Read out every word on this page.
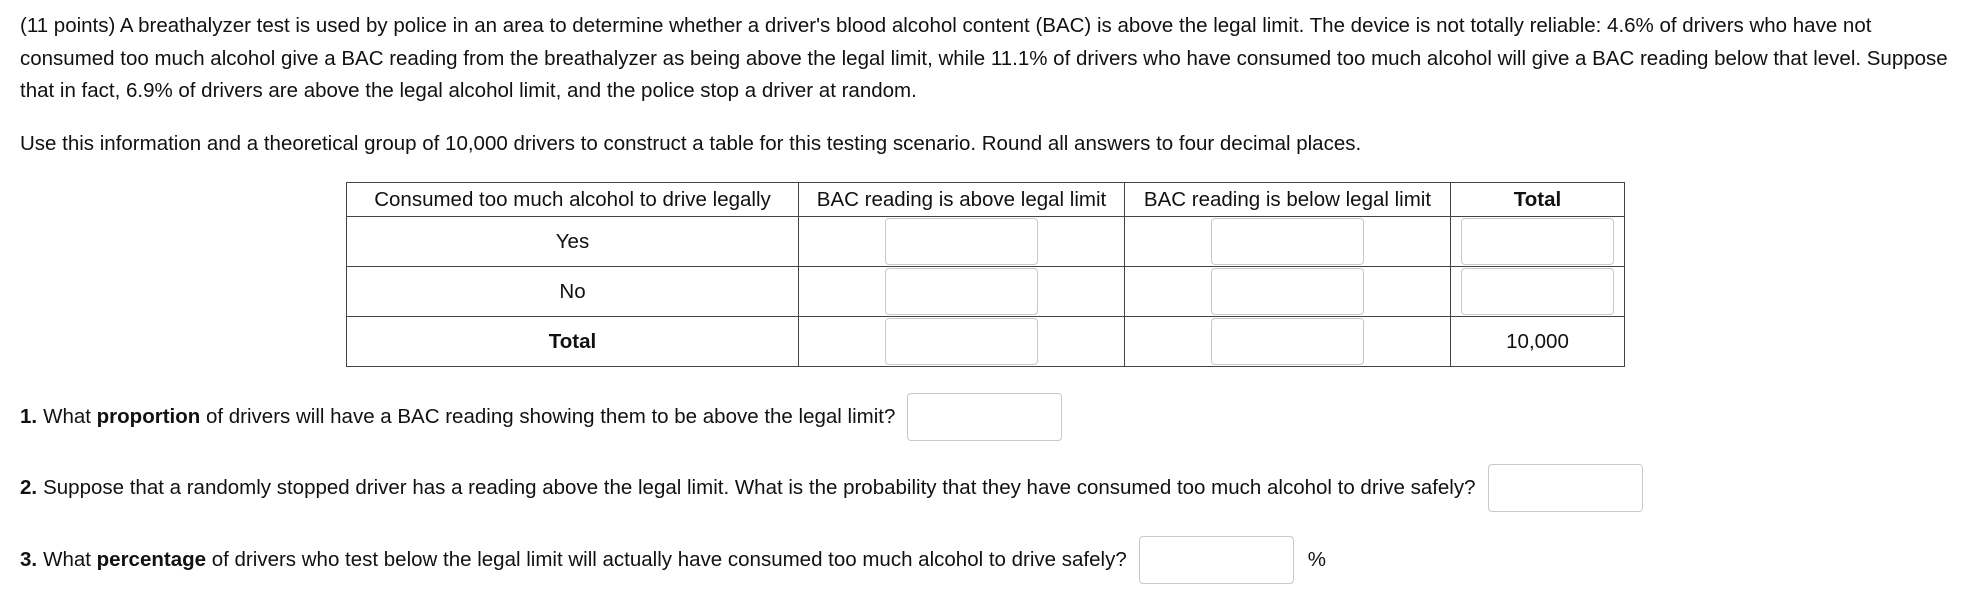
(11 points) A breathalyzer test is used by police in an area to determine whether a driver's blood alcohol content (BAC) is above the legal limit. The device is not totally reliable: 4.6% of drivers who have not consumed too much alcohol give a BAC reading from the breathalyzer as being above the legal limit, while 11.1% of drivers who have consumed too much alcohol will give a BAC reading below that level. Suppose that in fact, 6.9% of drivers are above the legal alcohol limit, and the police stop a driver at random.

Use this information and a theoretical group of 10,000 drivers to construct a table for this testing scenario. Round all answers to four decimal places.

Consumed too much alcohol to drive legally	BAC reading is above legal limit	BAC reading is below legal limit	Total
Yes			
No			
Total			10,000
1. What proportion of drivers will have a BAC reading showing them to be above the legal limit?
2. Suppose that a randomly stopped driver has a reading above the legal limit. What is the probability that they have consumed too much alcohol to drive safely?
3. What percentage of drivers who test below the legal limit will actually have consumed too much alcohol to drive safely?	%
